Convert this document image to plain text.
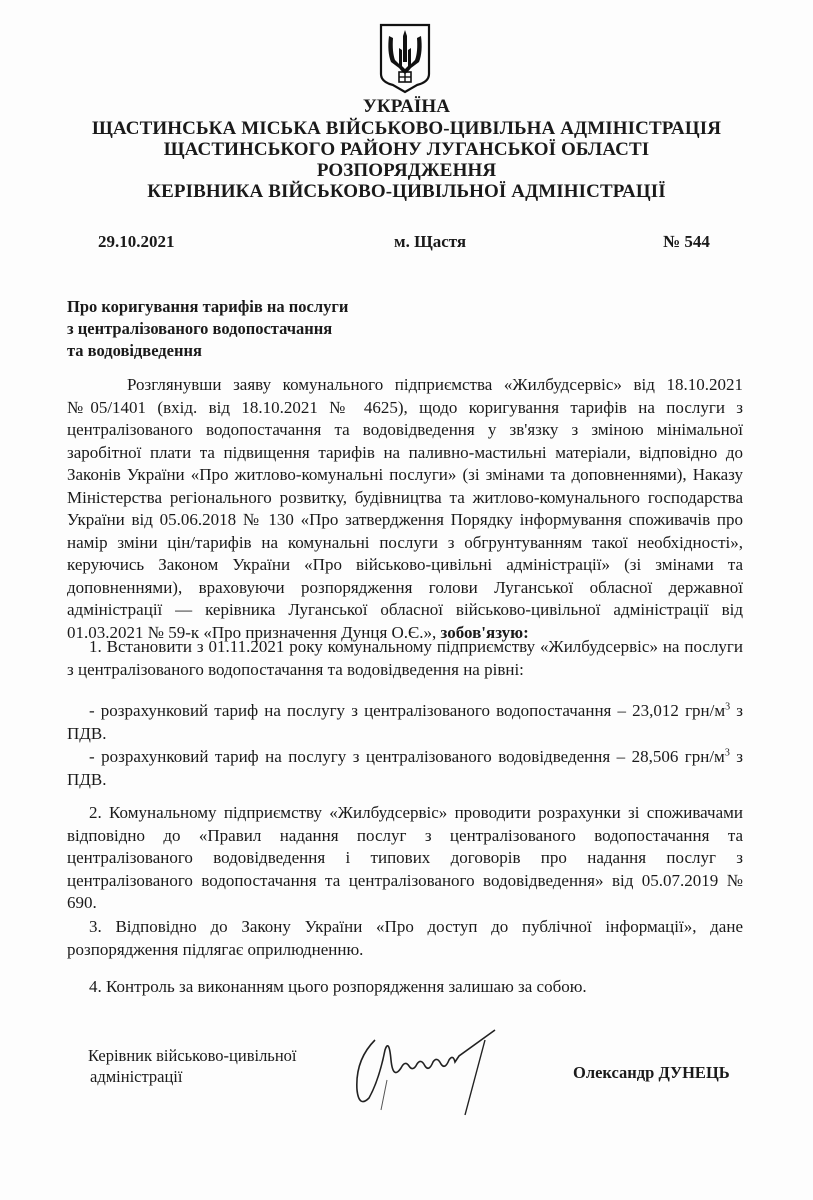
УКРАЇНА
ЩАСТИНСЬКА МІСЬКА ВІЙСЬКОВО-ЦИВІЛЬНА АДМІНІСТРАЦІЯ
ЩАСТИНСЬКОГО РАЙОНУ ЛУГАНСЬКОЇ ОБЛАСТІ
РОЗПОРЯДЖЕННЯ
КЕРІВНИКА ВІЙСЬКОВО-ЦИВІЛЬНОЇ АДМІНІСТРАЦІЇ
29.10.2021	м. Щастя	№ 544
Про коригування тарифів на послуги
з централізованого водопостачання
та водовідведення
Розглянувши заяву комунального підприємства «Жилбудсервіс» від 18.10.2021 №05/1401 (вхід. від 18.10.2021 № 4625), щодо коригування тарифів на послуги з централізованого водопостачання та водовідведення у зв'язку з зміною мінімальної заробітної плати та підвищення тарифів на паливно-мастильні матеріали, відповідно до Законів України «Про житлово-комунальні послуги» (зі змінами та доповненнями), Наказу Міністерства регіонального розвитку, будівництва та житлово-комунального господарства України від 05.06.2018 № 130 «Про затвердження Порядку інформування споживачів про намір зміни цін/тарифів на комунальні послуги з обгрунтуванням такої необхідності», керуючись Законом України «Про військово-цивільні адміністрації» (зі змінами та доповненнями), враховуючи розпорядження голови Луганської обласної державної адміністрації — керівника Луганської обласної військово-цивільної адміністрації від 01.03.2021 № 59-к «Про призначення Дунця О.Є.», зобов'язую:
1. Встановити з 01.11.2021 року комунальному підприємству «Жилбудсервіс» на послуги з централізованого водопостачання та водовідведення на рівні:
- розрахунковий тариф на послугу з централізованого водопостачання – 23,012 грн/$м^3$ з ПДВ.
- розрахунковий тариф на послугу з централізованого водовідведення – 28,506 грн/$м^3$ з ПДВ.
2. Комунальному підприємству «Жилбудсервіс» проводити розрахунки зі споживачами відповідно до «Правил надання послуг з централізованого водопостачання та централізованого водовідведення і типових договорів про надання послуг з централізованого водопостачання та централізованого водовідведення» від 05.07.2019 № 690.
3. Відповідно до Закону України «Про доступ до публічної інформації», дане розпорядження підлягає оприлюдненню.
4. Контроль за виконанням цього розпорядження залишаю за собою.
Керівник військово-цивільної
адміністрації	Олександр ДУНЕЦЬ
